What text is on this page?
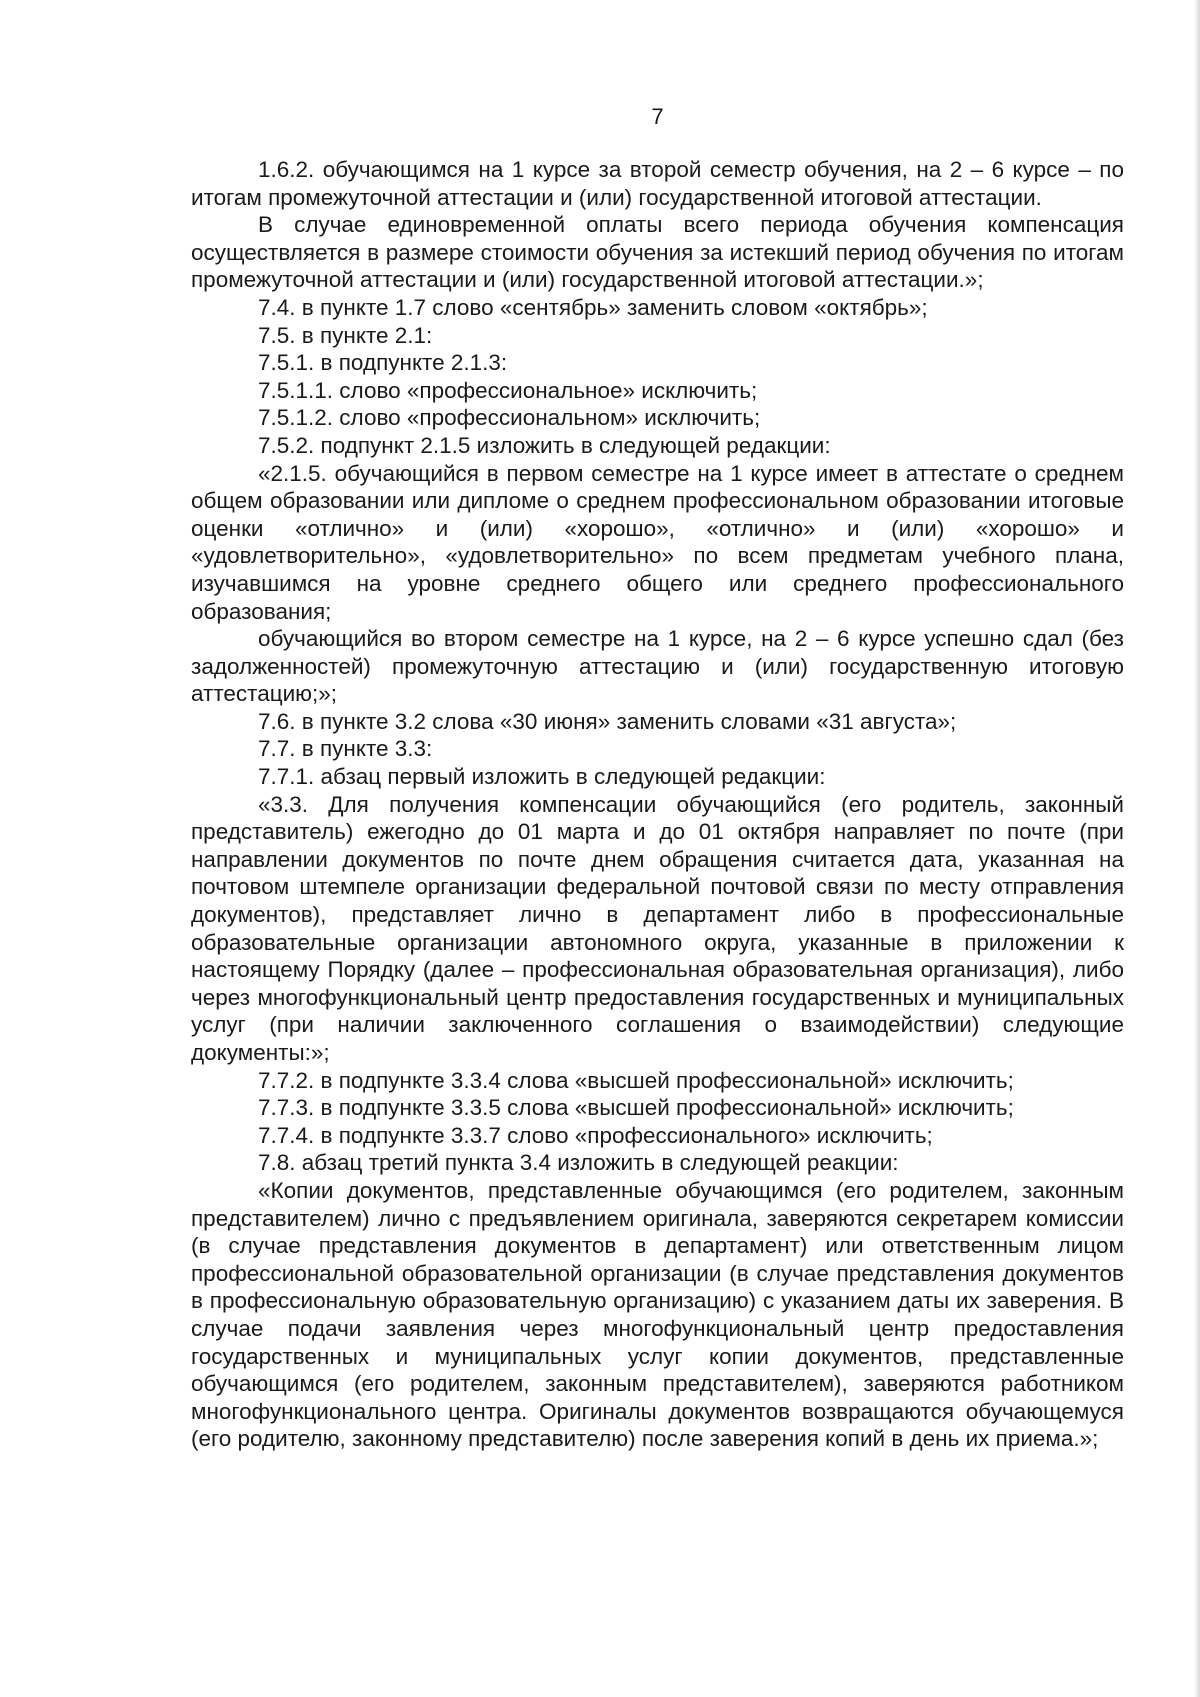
7

1.6.2. обучающимся на 1 курсе за второй семестр обучения, на 2 – 6 курсе – по итогам промежуточной аттестации и (или) государственной итоговой аттестации.

В случае единовременной оплаты всего периода обучения компенсация осуществляется в размере стоимости обучения за истекший период обучения по итогам промежуточной аттестации и (или) государственной итоговой аттестации.»;

7.4. в пункте 1.7 слово «сентябрь» заменить словом «октябрь»;

7.5. в пункте 2.1:

7.5.1. в подпункте 2.1.3:

7.5.1.1. слово «профессиональное» исключить;

7.5.1.2. слово «профессиональном» исключить;

7.5.2. подпункт 2.1.5 изложить в следующей редакции:

«2.1.5. обучающийся в первом семестре на 1 курсе имеет в аттестате о среднем общем образовании или дипломе о среднем профессиональном образовании итоговые оценки «отлично» и (или) «хорошо», «отлично» и (или) «хорошо» и «удовлетворительно», «удовлетворительно» по всем предметам учебного плана, изучавшимся на уровне среднего общего или среднего профессионального образования;

обучающийся во втором семестре на 1 курсе, на 2 – 6 курсе успешно сдал (без задолженностей) промежуточную аттестацию и (или) государственную итоговую аттестацию;»;

7.6. в пункте 3.2 слова «30 июня» заменить словами «31 августа»;

7.7. в пункте 3.3:

7.7.1. абзац первый изложить в следующей редакции:

«3.3. Для получения компенсации обучающийся (его родитель, законный представитель) ежегодно до 01 марта и до 01 октября направляет по почте (при направлении документов по почте днем обращения считается дата, указанная на почтовом штемпеле организации федеральной почтовой связи по месту отправления документов), представляет лично в департамент либо в профессиональные образовательные организации автономного округа, указанные в приложении к настоящему Порядку (далее – профессиональная образовательная организация), либо через многофункциональный центр предоставления государственных и муниципальных услуг (при наличии заключенного соглашения о взаимодействии) следующие документы:»;

7.7.2. в подпункте 3.3.4 слова «высшей профессиональной» исключить;

7.7.3. в подпункте 3.3.5 слова «высшей профессиональной» исключить;

7.7.4. в подпункте 3.3.7 слово «профессионального» исключить;

7.8. абзац третий пункта 3.4 изложить в следующей реакции:

«Копии документов, представленные обучающимся (его родителем, законным представителем) лично с предъявлением оригинала, заверяются секретарем комиссии (в случае представления документов в департамент) или ответственным лицом профессиональной образовательной организации (в случае представления документов в профессиональную образовательную организацию) с указанием даты их заверения. В случае подачи заявления через многофункциональный центр предоставления государственных и муниципальных услуг копии документов, представленные обучающимся (его родителем, законным представителем), заверяются работником многофункционального центра. Оригиналы документов возвращаются обучающемуся (его родителю, законному представителю) после заверения копий в день их приема.»;
